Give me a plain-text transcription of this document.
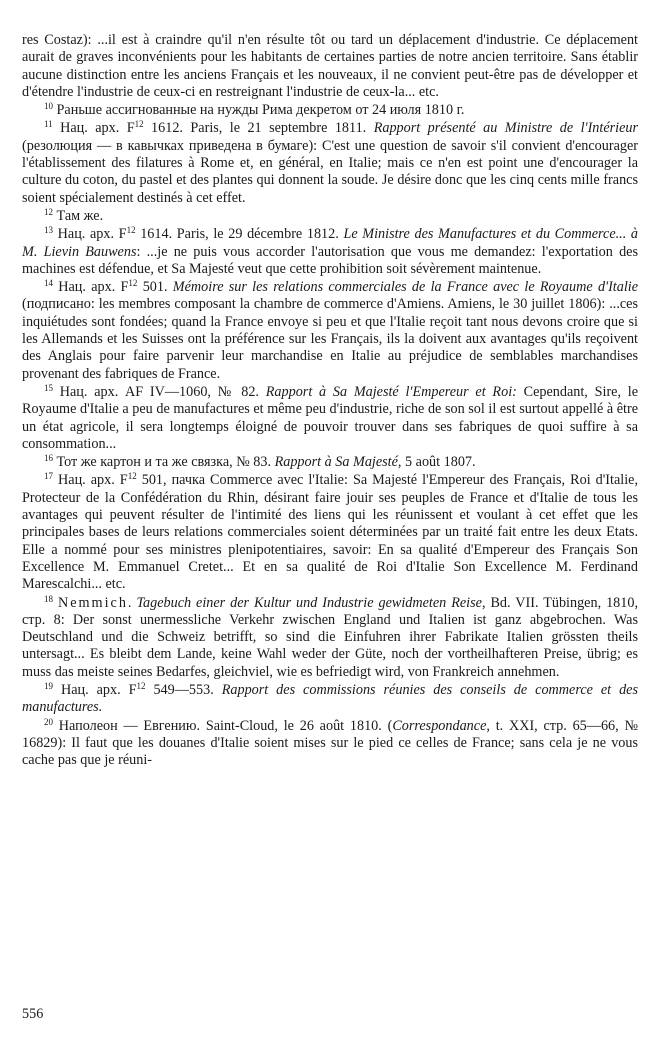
res Costaz): ...il est à craindre qu'il n'en résulte tôt ou tard un déplacement d'industrie. Ce déplacement aurait de graves inconvénients pour les habitants de certaines parties de notre ancien territoire. Sans établir aucune distinction entre les anciens Français et les nouveaux, il ne convient peut-être pas de développer et d'étendre l'industrie de ceux-ci en restreignant l'industrie de ceux-la... etc.

$^{10}$ Раньше ассигнованные на нужды Рима декретом от 24 июля 1810 г.

$^{11}$ Нац. арх. $F^{12}$ 1612. Paris, le 21 septembre 1811. Rapport présenté au Ministre de l'Intérieur (резолюция — в кавычках приведена в бумаге): C'est une question de savoir s'il convient d'encourager l'établissement des filatures à Rome et, en général, en Italie; mais ce n'en est point une d'encourager la culture du coton, du pastel et des plantes qui donnent la soude. Je désire donc que les cinq cents mille francs soient spécialement destinés à cet effet.

$^{12}$ Там же.

$^{13}$ Нац. арх. $F^{12}$ 1614. Paris, le 29 décembre 1812. Le Ministre des Manufactures et du Commerce... à M. Lievin Bauwens: ...je ne puis vous accorder l'autorisation que vous me demandez: l'exportation des machines est défendue, et Sa Majesté veut que cette prohibition soit sévèrement maintenue.

$^{14}$ Нац. арх. $F^{12}$ 501. Mémoire sur les relations commerciales de la France avec le Royaume d'Italie (подписано: les membres composant la chambre de commerce d'Amiens. Amiens, le 30 juillet 1806): ...ces inquiétudes sont fondées; quand la France envoye si peu et que l'Italie reçoit tant nous devons croire que si les Allemands et les Suisses ont la préférence sur les Français, ils la doivent aux avantages qu'ils reçoivent des Anglais pour faire parvenir leur marchandise en Italie au préjudice de semblables marchandises provenant des fabriques de France.

$^{15}$ Нац. арх. AF IV—1060, № 82. Rapport à Sa Majesté l'Empereur et Roi: Cependant, Sire, le Royaume d'Italie a peu de manufactures et même peu d'industrie, riche de son sol il est surtout appellé à être un état agricole, il sera longtemps éloigné de pouvoir trouver dans ses fabriques de quoi suffire à sa consommation...

$^{16}$ Тот же картон и та же связка, № 83. Rapport à Sa Majesté, 5 août 1807.

$^{17}$ Нац. арх. $F^{12}$ 501, пачка Commerce avec l'Italie: Sa Majesté l'Empereur des Français, Roi d'Italie, Protecteur de la Confédération du Rhin, désirant faire jouir ses peuples de France et d'Italie de tous les avantages qui peuvent résulter de l'intimité des liens qui les réunissent et voulant à cet effet que les principales bases de leurs relations commerciales soient déterminées par un traité fait entre les deux Etats. Elle a nommé pour ses ministres plenipotentiaires, savoir: En sa qualité d'Empereur des Français Son Excellence M. Emmanuel Cretet... Et en sa qualité de Roi d'Italie Son Excellence M. Ferdinand Marescalchi... etc.

$^{18}$ Nemmich. Tagebuch einer der Kultur und Industrie gewidmeten Reise, Bd. VII. Tübingen, 1810, стр. 8: Der sonst unermessliche Verkehr zwischen England und Italien ist ganz abgebrochen. Was Deutschland und die Schweiz betrifft, so sind die Einfuhren ihrer Fabrikate Italien grössten theils untersagt... Es bleibt dem Lande, keine Wahl weder der Güte, noch der vortheilhafteren Preise, übrig; es muss das meiste seines Bedarfes, gleichviel, wie es befriedigt wird, von Frankreich annehmen.

$^{19}$ Нац. арх. $F^{12}$ 549—553. Rapport des commissions réunies des conseils de commerce et des manufactures.

$^{20}$ Наполеон — Евгению. Saint-Cloud, le 26 août 1810. (Correspondance, t. XXI, стр. 65—66, № 16829): Il faut que les douanes d'Italie soient mises sur le pied ce celles de France; sans cela je ne vous cache pas que je réuni-

556
